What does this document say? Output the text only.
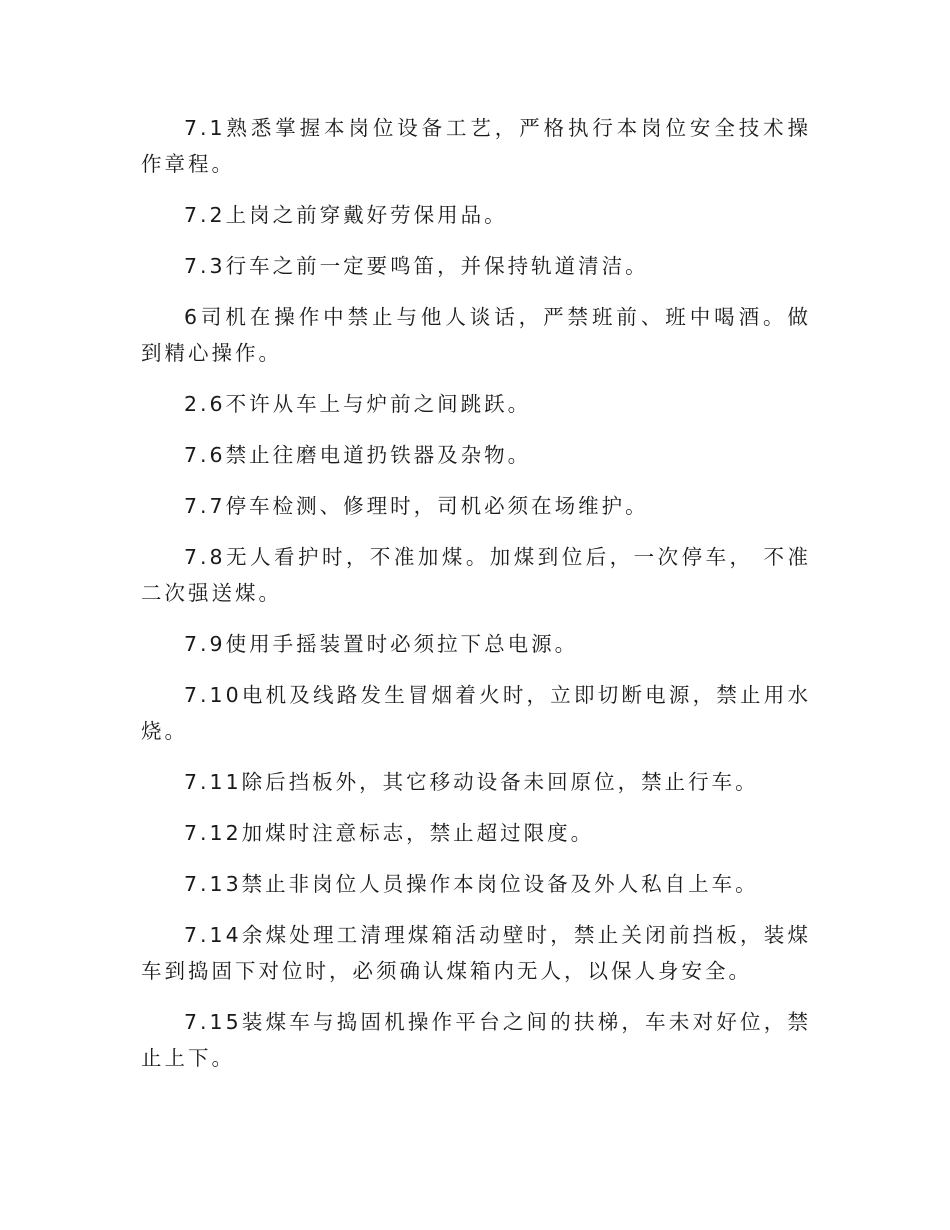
7.1熟悉掌握本岗位设备工艺，严格执行本岗位安全技术操作章程。

7.2上岗之前穿戴好劳保用品。

7.3行车之前一定要鸣笛，并保持轨道清洁。

6司机在操作中禁止与他人谈话，严禁班前、班中喝酒。做到精心操作。

2.6不许从车上与炉前之间跳跃。

7.6禁止往磨电道扔铁器及杂物。

7.7停车检测、修理时，司机必须在场维护。

7.8无人看护时，不准加煤。加煤到位后，一次停车， 不准二次强送煤。

7.9使用手摇装置时必须拉下总电源。

7.10电机及线路发生冒烟着火时，立即切断电源，禁止用水烧。

7.11除后挡板外，其它移动设备未回原位，禁止行车。

7.12加煤时注意标志，禁止超过限度。

7.13禁止非岗位人员操作本岗位设备及外人私自上车。

7.14余煤处理工清理煤箱活动壁时，禁止关闭前挡板，装煤车到捣固下对位时，必须确认煤箱内无人，以保人身安全。

7.15装煤车与捣固机操作平台之间的扶梯，车未对好位，禁止上下。
